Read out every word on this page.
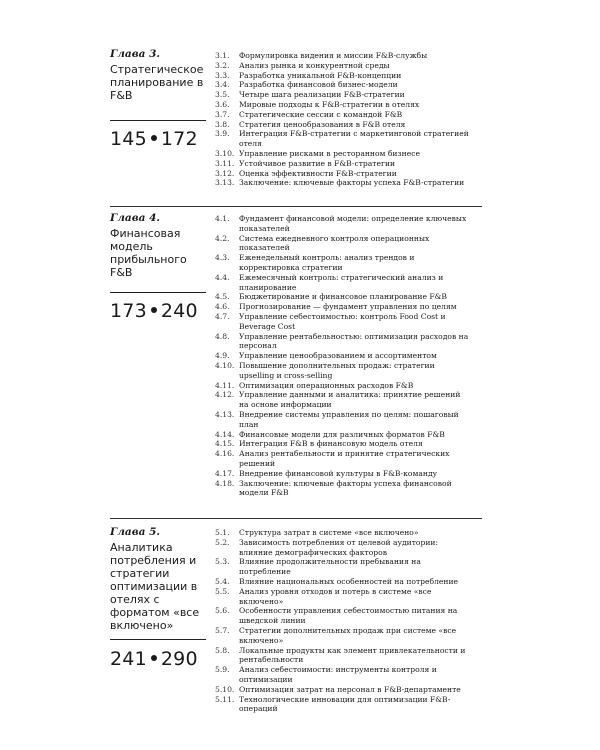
Глава 3.

Стратегическое планирование в F&B

145 172
3.1.	Формулировка видения и миссии F&B-службы
3.2.	Анализ рынка и конкурентной среды
3.3.	Разработка уникальной F&B-концепции
3.4.	Разработка финансовой бизнес-модели
3.5.	Четыре шага реализации F&B-стратегии
3.6.	Мировые подходы к F&B-стратегии в отелях
3.7.	Стратегические сессии с командой F&B
3.8.	Стратегия ценообразования в F&B отеля
3.9.	Интеграция F&B-стратегии с маркетинговой стратегией отеля
3.10. Управление рисками в ресторанном бизнесе
3.11. Устойчивое развитие в F&B-стратегии
3.12. Оценка эффективности F&B-стратегии
3.13. Заключение: ключевые факторы успеха F&B-стратегии

Глава 4.

Финансовая модель прибыльного F&B

173 240
4.1.	Фундамент финансовой модели: определение ключевых показателей
4.2.	Система ежедневного контроля операционных показателей
4.3.	Еженедельный контроль: анализ трендов и корректировка стратегии
4.4.	Ежемесячный контроль: стратегический анализ и планирование
4.5.	Бюджетирование и финансовое планирование F&B
4.6.	Прогнозирование — фундамент управления по целям
4.7.	Управление себестоимостью: контроль Food Cost и Beverage Cost
4.8.	Управление рентабельностью: оптимизация расходов на персонал
4.9.	Управление ценообразованием и ассортиментом
4.10. Повышение дополнительных продаж: стратегии upselling и cross-selling
4.11. Оптимизация операционных расходов F&B
4.12. Управление данными и аналитика: принятие решений на основе информации
4.13. Внедрение системы управления по целям: пошаговый план
4.14. Финансовые модели для различных форматов F&B
4.15. Интеграция F&B в финансовую модель отеля
4.16. Анализ рентабельности и принятие стратегических решений
4.17. Внедрение финансовой культуры в F&B-команду
4.18. Заключение: ключевые факторы успеха финансовой модели F&B

Глава 5.

Аналитика потребления и стратегии оптимизации в отелях с форматом «все включено»

241 290
5.1.	Структура затрат в системе «все включено»
5.2.	Зависимость потребления от целевой аудитории: влияние демографических факторов
5.3.	Влияние продолжительности пребывания на потребление
5.4.	Влияние национальных особенностей на потребление
5.5.	Анализ уровня отходов и потерь в системе «все включено»
5.6.	Особенности управления себестоимостью питания на шведской линии
5.7.	Стратегии дополнительных продаж при системе «все включено»
5.8.	Локальные продукты как элемент привлекательности и рентабельности
5.9.	Анализ себестоимости: инструменты контроля и оптимизации
5.10. Оптимизация затрат на персонал в F&B-департаменте
5.11. Технологические инновации для оптимизации F&B-операций
